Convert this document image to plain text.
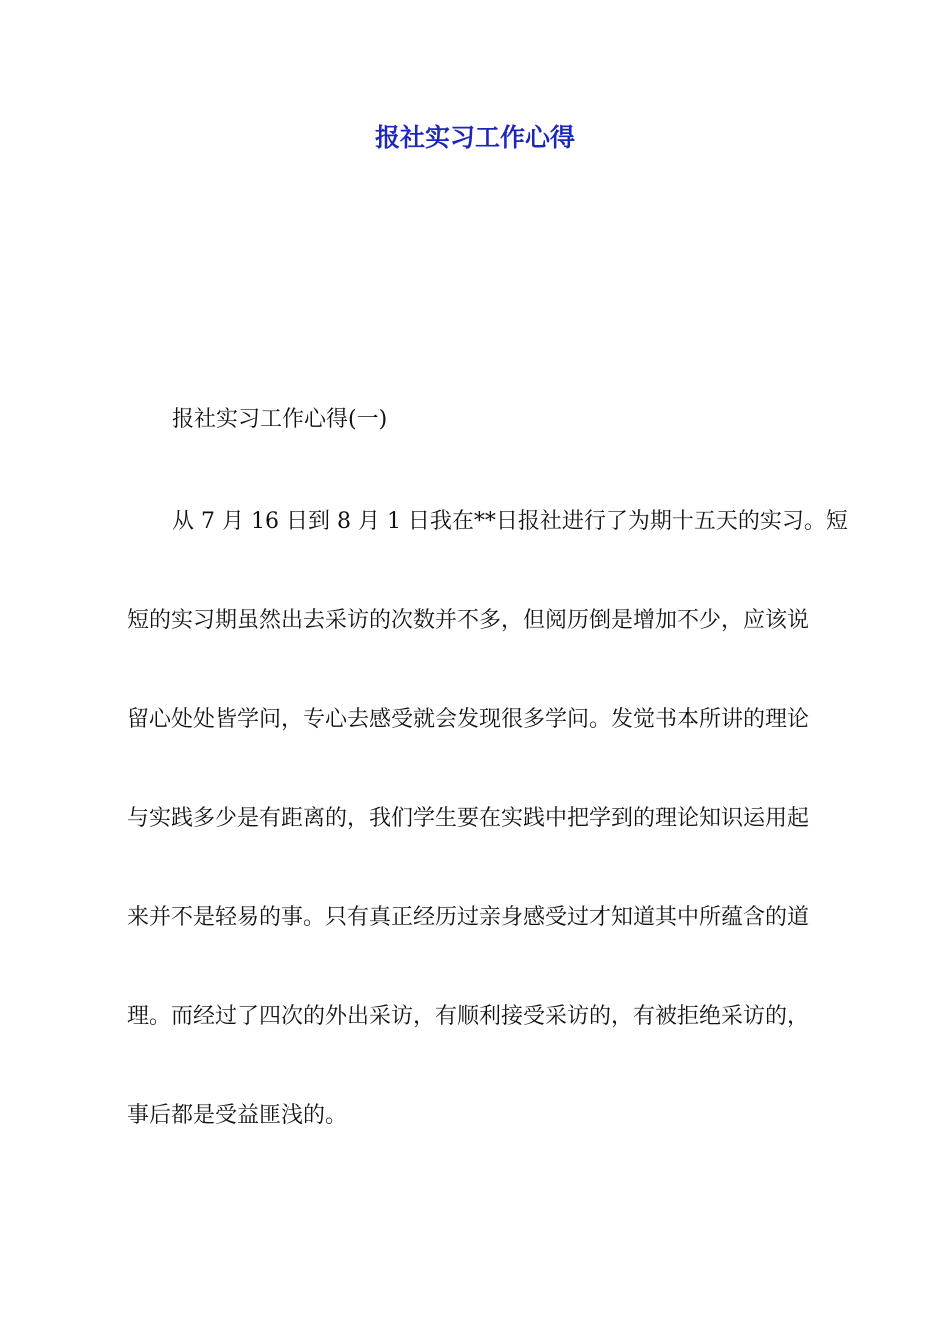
报社实习工作心得
报社实习工作心得(一)
从 7 月 16 日到 8 月 1 日我在**日报社进行了为期十五天的实习。短
短的实习期虽然出去采访的次数并不多，但阅历倒是增加不少，应该说
留心处处皆学问，专心去感受就会发现很多学问。发觉书本所讲的理论
与实践多少是有距离的，我们学生要在实践中把学到的理论知识运用起
来并不是轻易的事。只有真正经历过亲身感受过才知道其中所蕴含的道
理。而经过了四次的外出采访，有顺利接受采访的，有被拒绝采访的，
事后都是受益匪浅的。
